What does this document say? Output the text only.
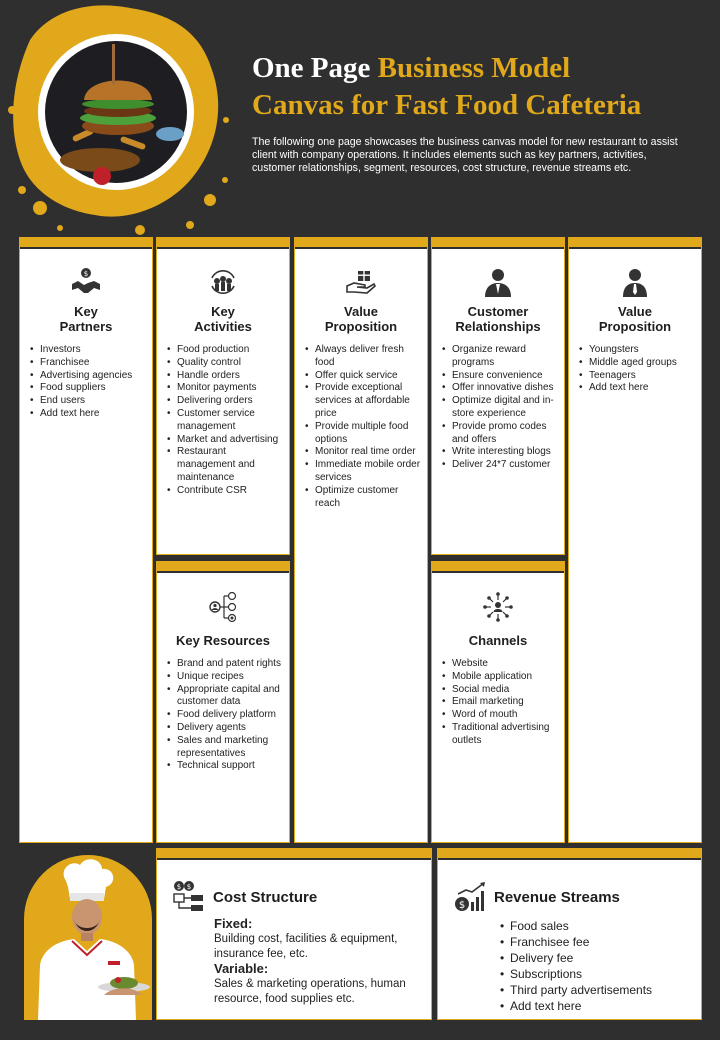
One Page Business Model
Canvas for Fast Food Cafeteria
The following one page showcases the business canvas model for new restaurant to assist client with company operations. It includes elements such as key partners, activities, customer relationships, segment, resources, cost structure, revenue streams etc.
$
Key
Partners
• Investors
• Franchisee
• Advertising agencies
• Food suppliers
• End users
• Add text here
Key
Activities
• Food production
• Quality control
• Handle orders
• Monitor payments
• Delivering orders
• Customer service management
• Market and advertising
• Restaurant management and maintenance
• Contribute CSR
Value
Proposition
• Always deliver fresh food
• Offer quick service
• Provide exceptional services at affordable price
• Provide multiple food options
• Monitor real time order
• Immediate mobile order services
• Optimize customer reach
Customer
Relationships
• Organize reward programs
• Ensure convenience
• Offer innovative dishes
• Optimize digital and in-store experience
• Provide promo codes and offers
• Write interesting blogs
• Deliver 24*7 customer
Value
Proposition
• Youngsters
• Middle aged groups
• Teenagers
• Add text here
Key Resources
• Brand and patent rights
• Unique recipes
• Appropriate capital and customer data
• Food delivery platform
• Delivery agents
• Sales and marketing representatives
• Technical support
Channels
• Website
• Mobile application
• Social media
• Email marketing
• Word of mouth
• Traditional advertising outlets
$ $
Cost Structure
Fixed:
Building cost, facilities & equipment, insurance fee, etc.
Variable:
Sales & marketing operations, human resource, food supplies etc.
$ Revenue Streams
• Food sales
• Franchisee fee
• Delivery fee
• Subscriptions
• Third party advertisements
• Add text here
